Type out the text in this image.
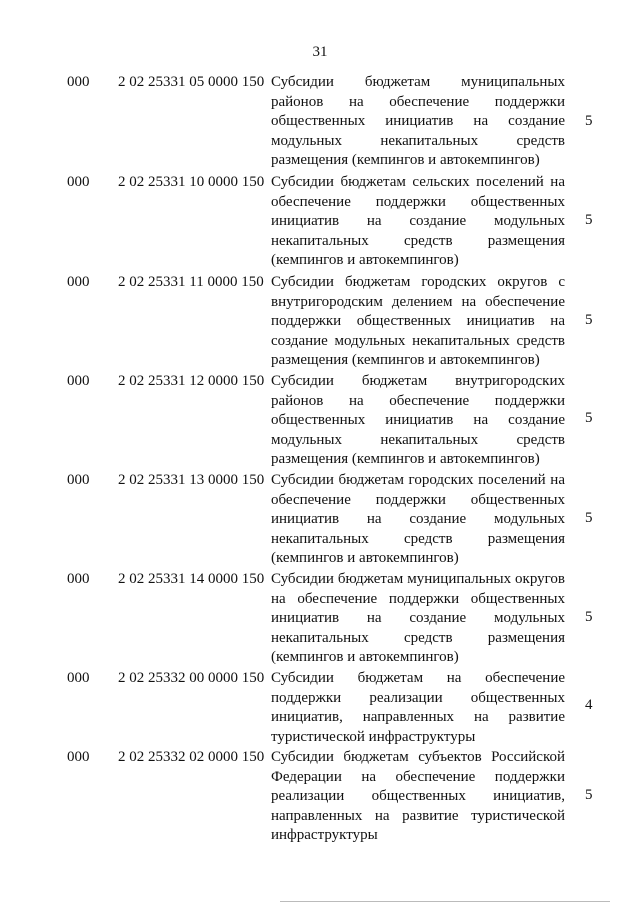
31
000 2 02 25331 05 0000 150 Субсидии бюджетам муниципальных районов на обеспечение поддержки общественных инициатив на создание модульных некапитальных средств размещения (кемпингов и автокемпингов)
5
000 2 02 25331 10 0000 150 Субсидии бюджетам сельских поселений на обеспечение поддержки общественных инициатив на создание модульных некапитальных средств размещения (кемпингов и автокемпингов)
5
000 2 02 25331 11 0000 150 Субсидии бюджетам городских округов с внутригородским делением на обеспечение поддержки общественных инициатив на создание модульных некапитальных средств размещения (кемпингов и автокемпингов)
5
000 2 02 25331 12 0000 150 Субсидии бюджетам внутригородских районов на обеспечение поддержки общественных инициатив на создание модульных некапитальных средств размещения (кемпингов и автокемпингов)
5
000 2 02 25331 13 0000 150 Субсидии бюджетам городских поселений на обеспечение поддержки общественных инициатив на создание модульных некапитальных средств размещения (кемпингов и автокемпингов)
5
000 2 02 25331 14 0000 150 Субсидии бюджетам муниципальных округов на обеспечение поддержки общественных инициатив на создание модульных некапитальных средств размещения (кемпингов и автокемпингов)
5
000 2 02 25332 00 0000 150 Субсидии бюджетам на обеспечение поддержки реализации общественных инициатив, направленных на развитие туристической инфраструктуры
4
000 2 02 25332 02 0000 150 Субсидии бюджетам субъектов Российской Федерации на обеспечение поддержки реализации общественных инициатив, направленных на развитие туристической инфраструктуры
5
